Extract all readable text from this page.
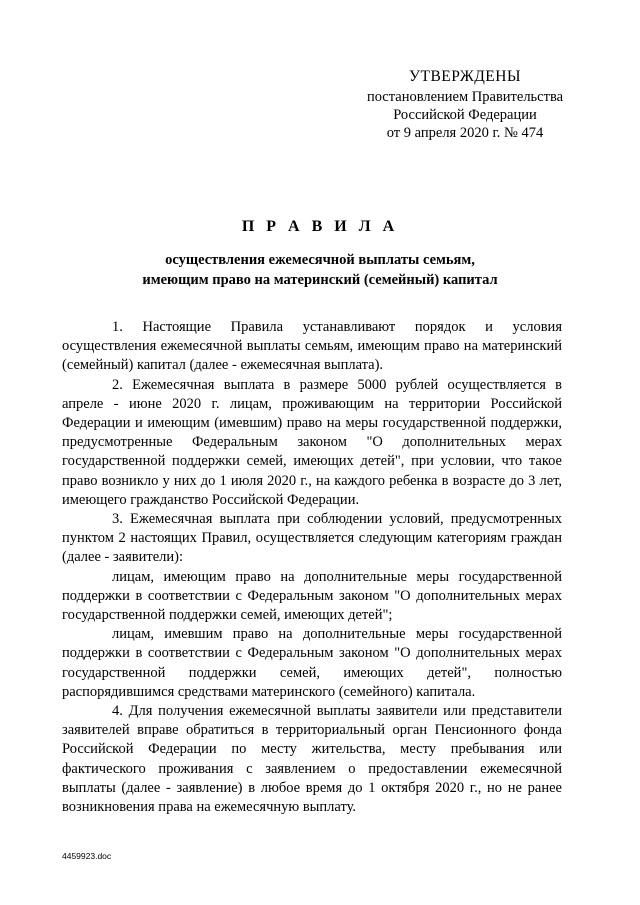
УТВЕРЖДЕНЫ
постановлением Правительства
Российской Федерации
от 9 апреля 2020 г. № 474
П Р А В И Л А
осуществления ежемесячной выплаты семьям,
имеющим право на материнский (семейный) капитал

1. Настоящие Правила устанавливают порядок и условия осуществления ежемесячной выплаты семьям, имеющим право на материнский (семейный) капитал (далее - ежемесячная выплата).

2. Ежемесячная выплата в размере 5000 рублей осуществляется в апреле - июне 2020 г. лицам, проживающим на территории Российской Федерации и имеющим (имевшим) право на меры государственной поддержки, предусмотренные Федеральным законом "О дополнительных мерах государственной поддержки семей, имеющих детей", при условии, что такое право возникло у них до 1 июля 2020 г., на каждого ребенка в возрасте до 3 лет, имеющего гражданство Российской Федерации.

3. Ежемесячная выплата при соблюдении условий, предусмотренных пунктом 2 настоящих Правил, осуществляется следующим категориям граждан (далее - заявители):

лицам, имеющим право на дополнительные меры государственной поддержки в соответствии с Федеральным законом "О дополнительных мерах государственной поддержки семей, имеющих детей";

лицам, имевшим право на дополнительные меры государственной поддержки в соответствии с Федеральным законом "О дополнительных мерах государственной поддержки семей, имеющих детей", полностью распорядившимся средствами материнского (семейного) капитала.

4. Для получения ежемесячной выплаты заявители или представители заявителей вправе обратиться в территориальный орган Пенсионного фонда Российской Федерации по месту жительства, месту пребывания или фактического проживания с заявлением о предоставлении ежемесячной выплаты (далее - заявление) в любое время до 1 октября 2020 г., но не ранее возникновения права на ежемесячную выплату.

4459923.doc
